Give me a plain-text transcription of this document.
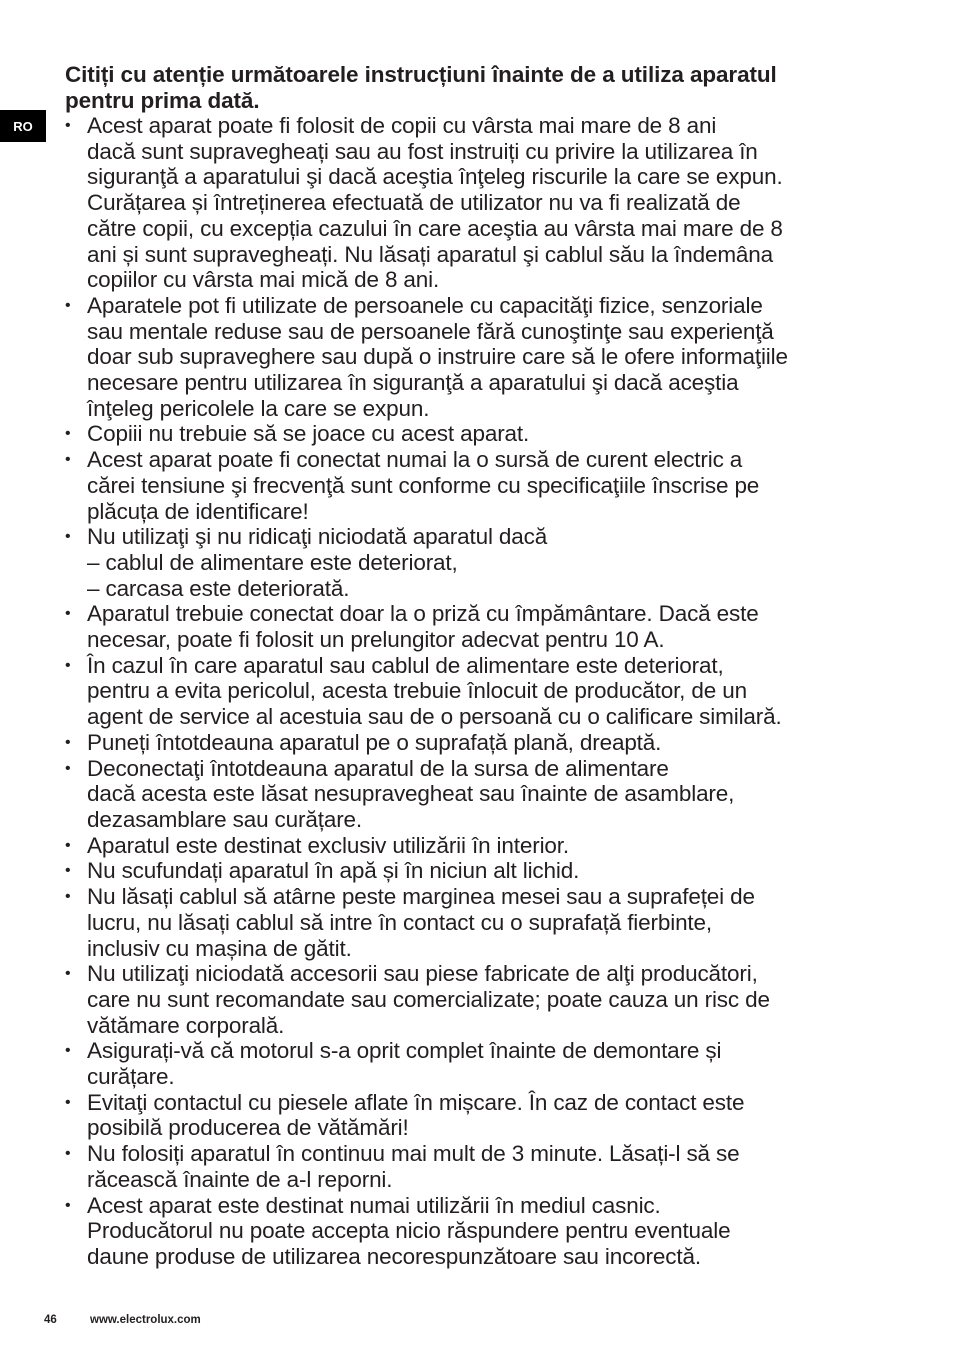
RO
Citiți cu atenție următoarele instrucțiuni înainte de a utiliza aparatul
pentru prima dată.
• Acest aparat poate fi folosit de copii cu vârsta mai mare de 8 ani
dacă sunt supravegheați sau au fost instruiți cu privire la utilizarea în
siguranţă a aparatului şi dacă aceştia înţeleg riscurile la care se expun.
Curățarea și întreținerea efectuată de utilizator nu va fi realizată de
către copii, cu excepția cazului în care aceştia au vârsta mai mare de 8
ani și sunt supravegheați. Nu lăsați aparatul şi cablul său la îndemâna
copiilor cu vârsta mai mică de 8 ani.
• Aparatele pot fi utilizate de persoanele cu capacităţi fizice, senzoriale
sau mentale reduse sau de persoanele fără cunoştinţe sau experienţă
doar sub supraveghere sau după o instruire care să le ofere informaţiile
necesare pentru utilizarea în siguranţă a aparatului şi dacă aceştia
înţeleg pericolele la care se expun.
• Copiii nu trebuie să se joace cu acest aparat.
• Acest aparat poate fi conectat numai la o sursă de curent electric a
cărei tensiune şi frecvenţă sunt conforme cu specificaţiile înscrise pe
plăcuța de identificare!
• Nu utilizaţi şi nu ridicaţi niciodată aparatul dacă
– cablul de alimentare este deteriorat,
– carcasa este deteriorată.
• Aparatul trebuie conectat doar la o priză cu împământare. Dacă este
necesar, poate fi folosit un prelungitor adecvat pentru 10 A.
• În cazul în care aparatul sau cablul de alimentare este deteriorat,
pentru a evita pericolul, acesta trebuie înlocuit de producător, de un
agent de service al acestuia sau de o persoană cu o calificare similară.
• Puneți întotdeauna aparatul pe o suprafață plană, dreaptă.
• Deconectaţi întotdeauna aparatul de la sursa de alimentare
dacă acesta este lăsat nesupravegheat sau înainte de asamblare,
dezasamblare sau curățare.
• Aparatul este destinat exclusiv utilizării în interior.
• Nu scufundați aparatul în apă și în niciun alt lichid.
• Nu lăsați cablul să atârne peste marginea mesei sau a suprafeței de
lucru, nu lăsați cablul să intre în contact cu o suprafață fierbinte,
inclusiv cu mașina de gătit.
• Nu utilizaţi niciodată accesorii sau piese fabricate de alţi producători,
care nu sunt recomandate sau comercializate; poate cauza un risc de
vătămare corporală.
• Asigurați-vă că motorul s-a oprit complet înainte de demontare și
curățare.
• Evitaţi contactul cu piesele aflate în mișcare. În caz de contact este
posibilă producerea de vătămări!
• Nu folosiți aparatul în continuu mai mult de 3 minute. Lăsați-l să se
răcească înainte de a-l reporni.
• Acest aparat este destinat numai utilizării în mediul casnic.
Producătorul nu poate accepta nicio răspundere pentru eventuale
daune produse de utilizarea necorespunzătoare sau incorectă.
46	www.electrolux.com
